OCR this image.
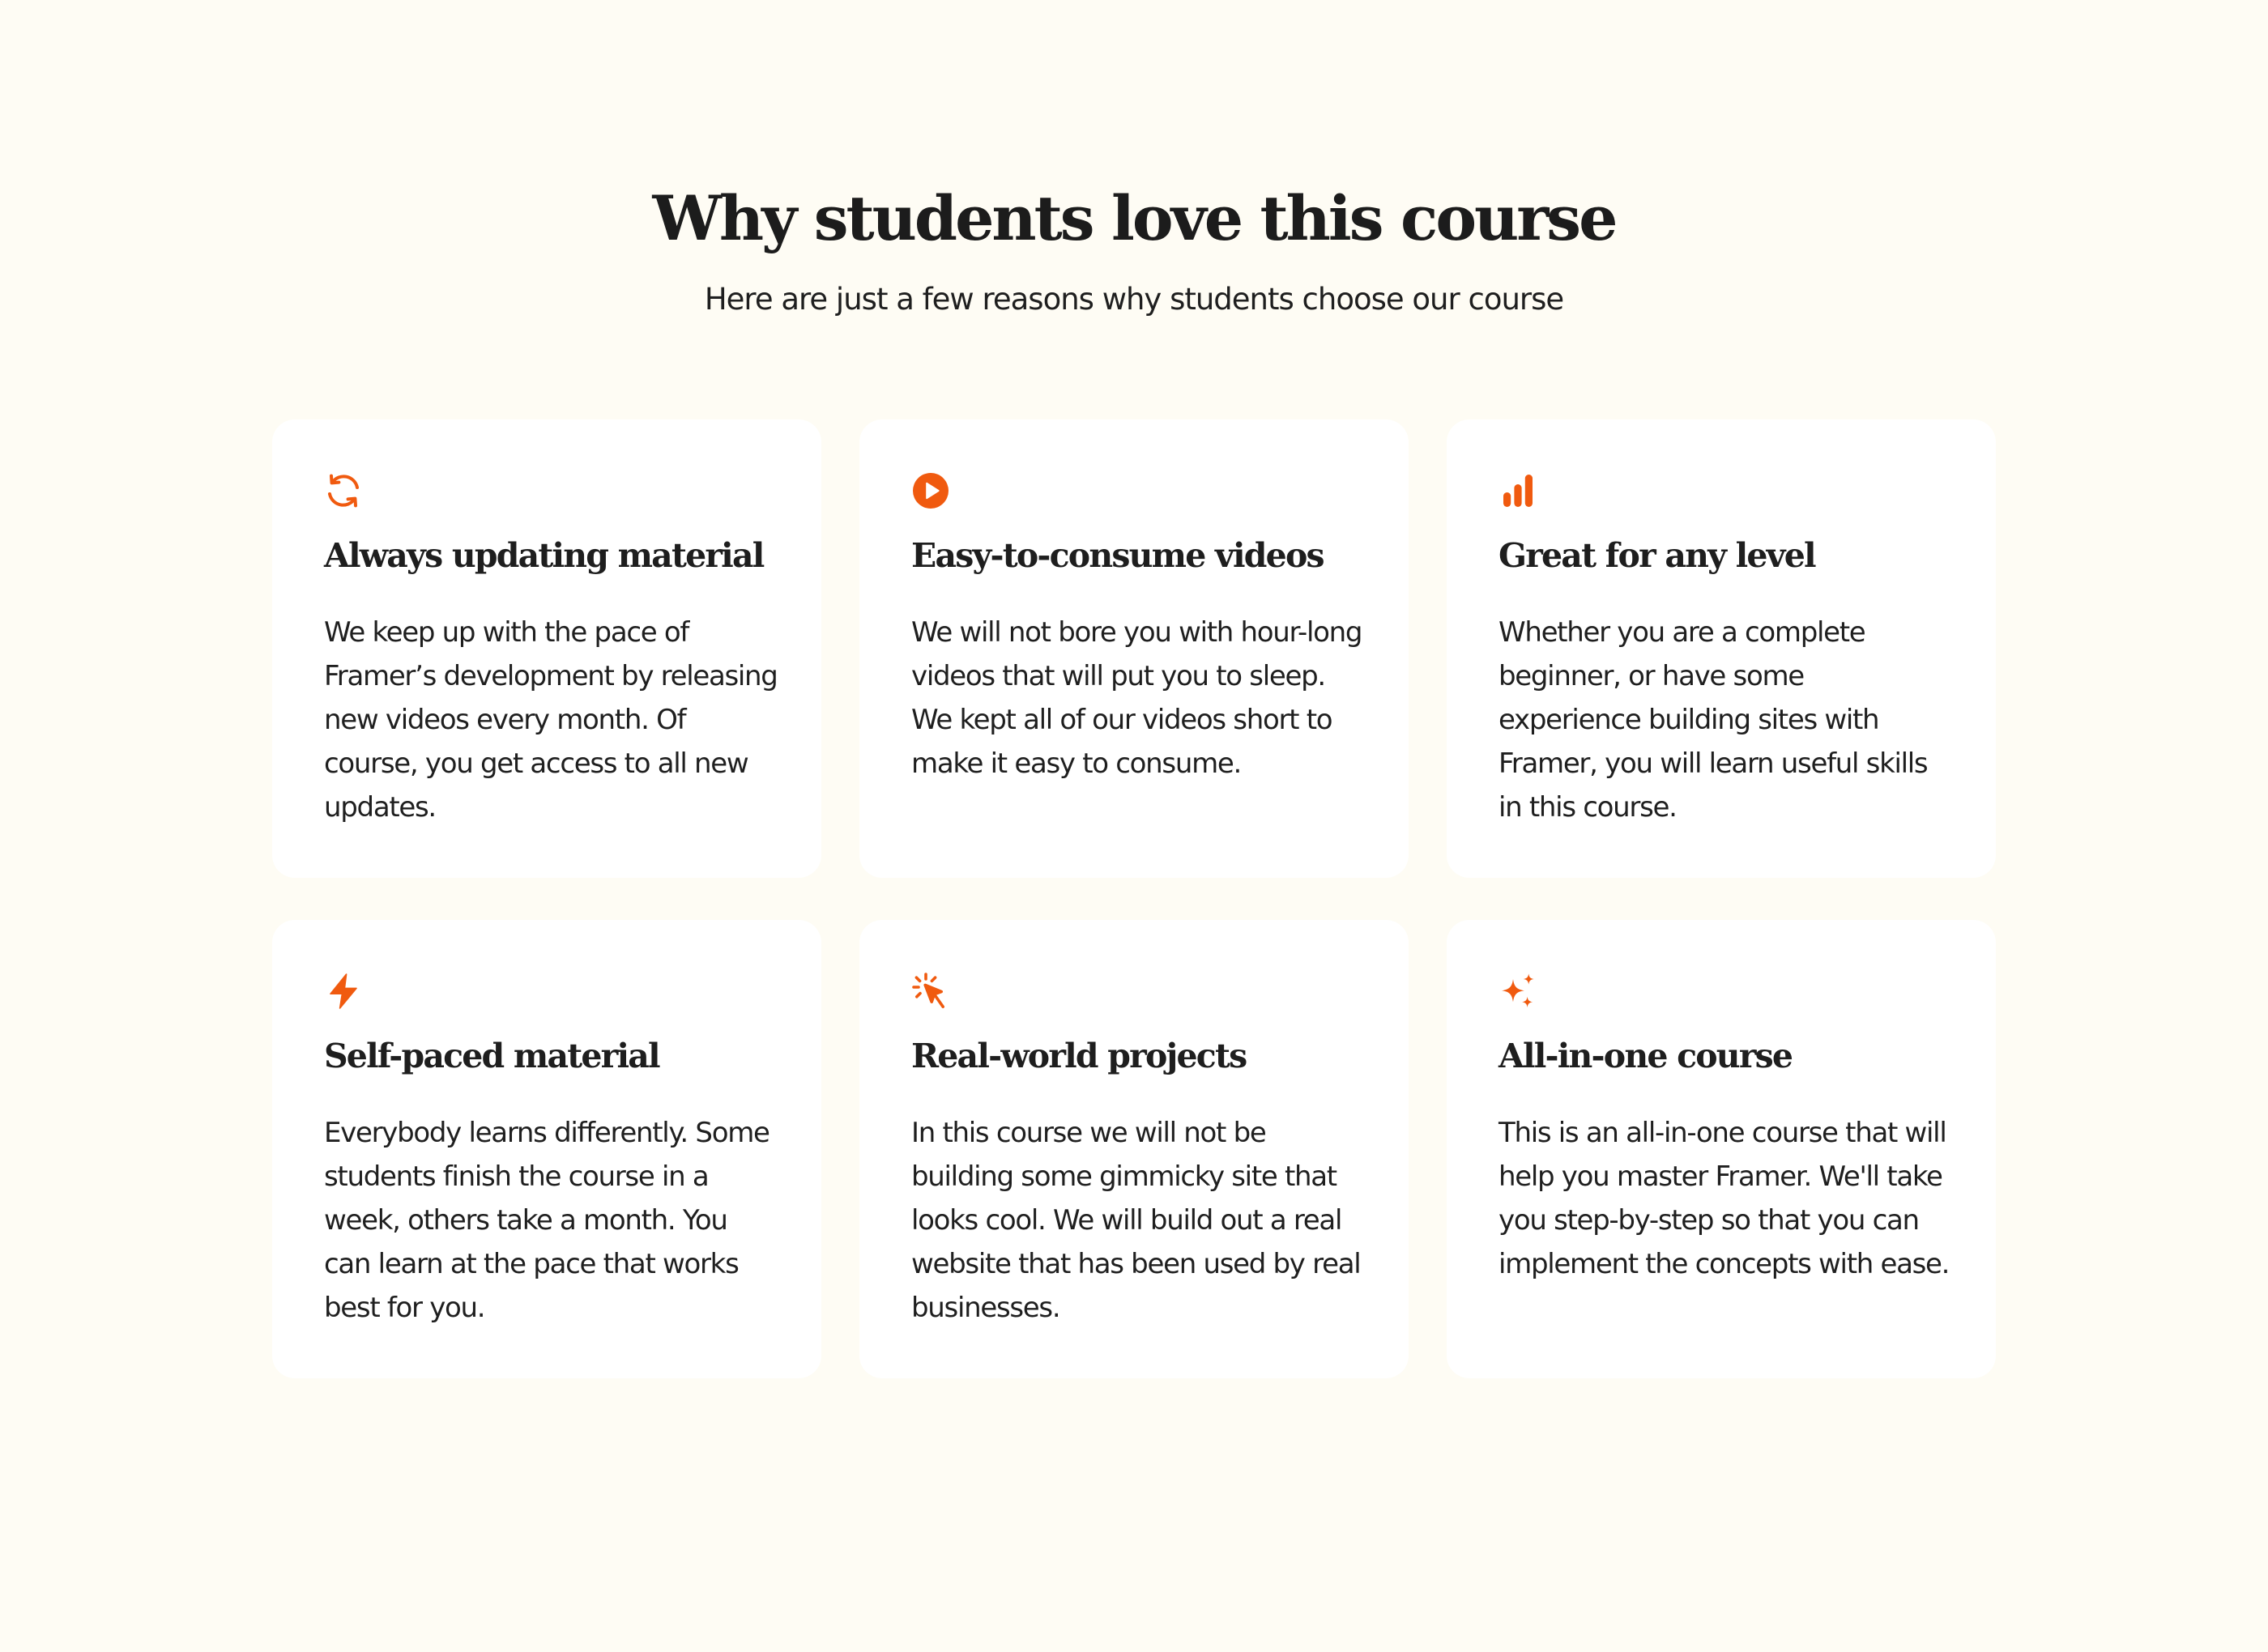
Why students love this course

Here are just a few reasons why students choose our course

Always updating material

We keep up with the pace of Framer’s development by releasing new videos every month. Of course, you get access to all new updates.

Easy-to-consume videos

We will not bore you with hour-long videos that will put you to sleep. We kept all of our videos short to make it easy to consume.

Great for any level

Whether you are a complete beginner, or have some experience building sites with Framer, you will learn useful skills in this course.

Self-paced material

Everybody learns differently. Some students finish the course in a week, others take a month. You can learn at the pace that works best for you.

Real-world projects

In this course we will not be building some gimmicky site that looks cool. We will build out a real website that has been used by real businesses.

All-in-one course

This is an all-in-one course that will help you master Framer. We'll take you step-by-step so that you can implement the concepts with ease.
